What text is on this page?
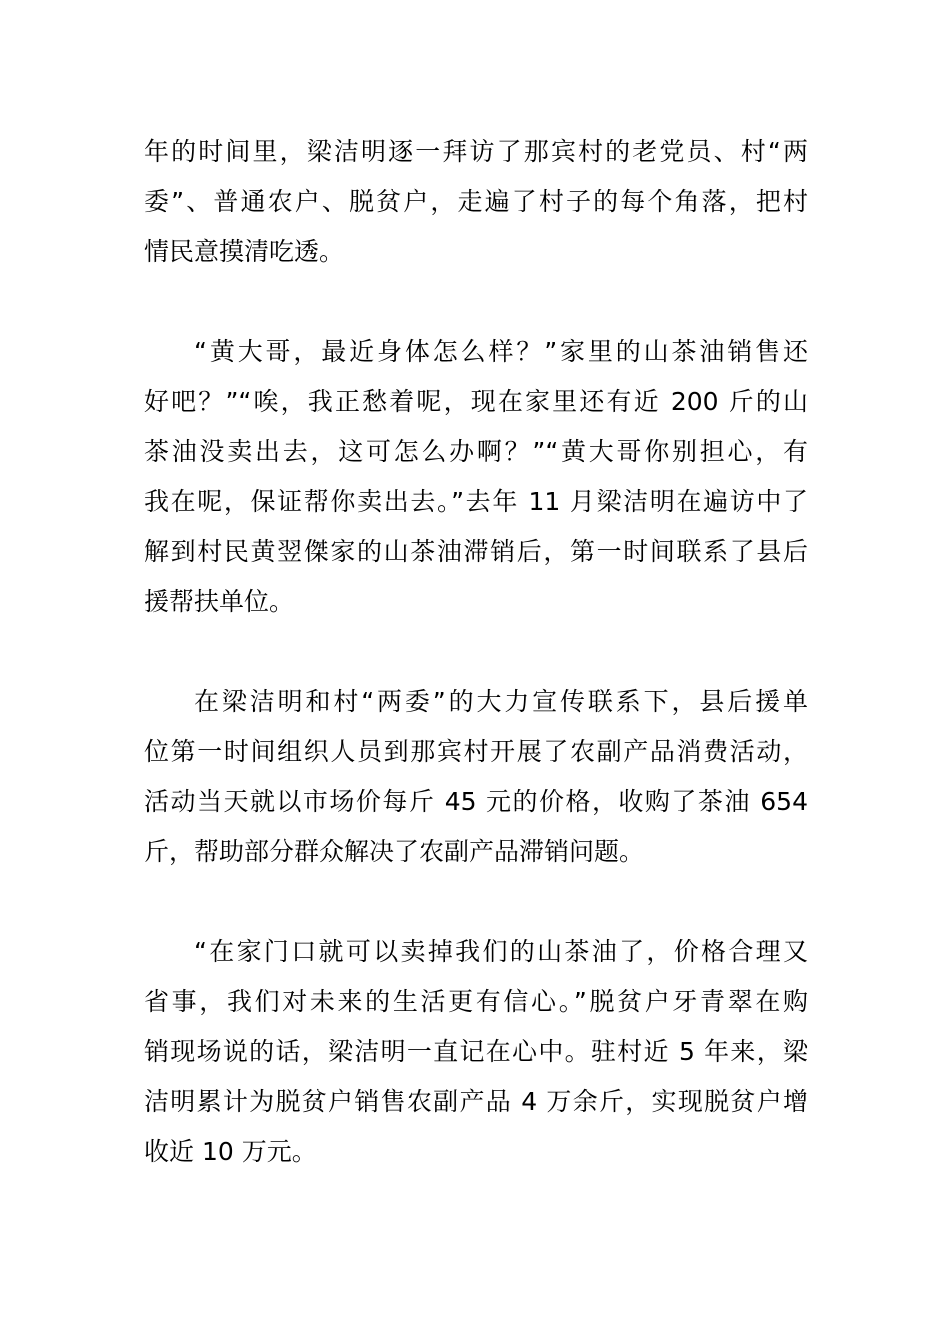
年的时间里，梁洁明逐一拜访了那宾村的老党员、村“两
委”、普通农户、脱贫户，走遍了村子的每个角落，把村
情民意摸清吃透。
“黄大哥，最近身体怎么样？”家里的山茶油销售还
好吧？”“唉，我正愁着呢，现在家里还有近 200 斤的山
茶油没卖出去，这可怎么办啊？”“黄大哥你别担心，有
我在呢，保证帮你卖出去。”去年 11 月梁洁明在遍访中了
解到村民黄翌傑家的山茶油滞销后，第一时间联系了县后
援帮扶单位。
在梁洁明和村“两委”的大力宣传联系下，县后援单
位第一时间组织人员到那宾村开展了农副产品消费活动，
活动当天就以市场价每斤 45 元的价格，收购了茶油 654
斤，帮助部分群众解决了农副产品滞销问题。
“在家门口就可以卖掉我们的山茶油了，价格合理又
省事，我们对未来的生活更有信心。”脱贫户牙青翠在购
销现场说的话，梁洁明一直记在心中。驻村近 5 年来，梁
洁明累计为脱贫户销售农副产品 4 万余斤，实现脱贫户增
收近 10 万元。
